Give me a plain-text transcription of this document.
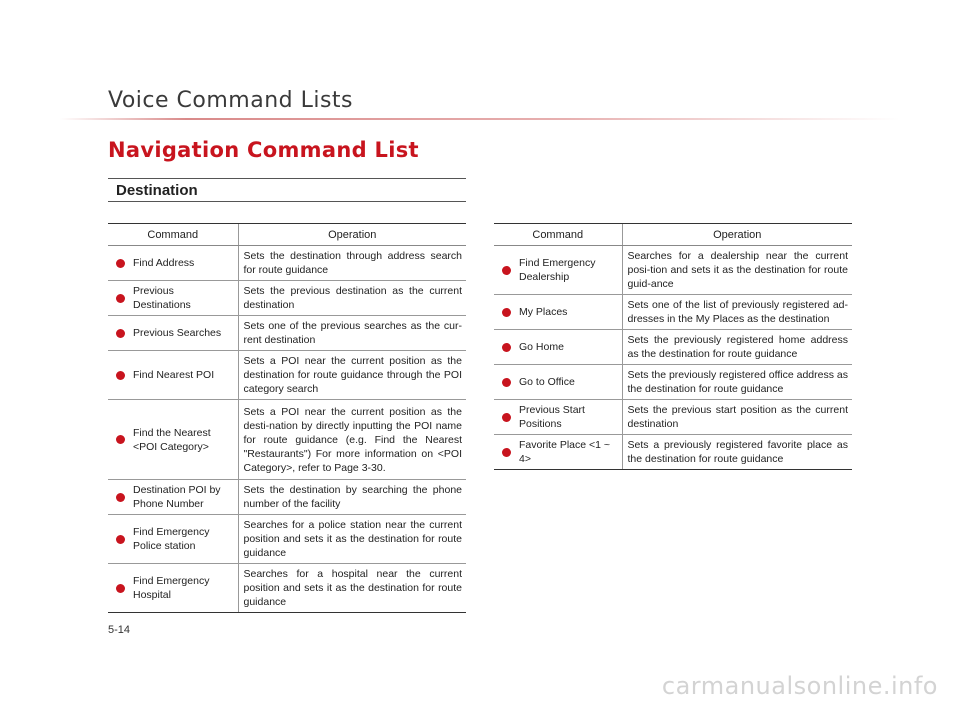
Voice Command Lists
Navigation Command List
Destination
Command	Operation

Find Address	Sets the destination through address search for route guidance

Previous Destinations	Sets the previous destination as the current destination

Previous Searches	Sets one of the previous searches as the cur-rent destination

Find Nearest POI	Sets a POI near the current position as the destination for route guidance through the POI category search

Find the Nearest <POI Category>	Sets a POI near the current position as the desti-nation by directly inputting the POI name for route guidance (e.g. Find the Nearest "Restaurants") For more information on <POI Category>, refer to Page 3-30.

Destination POI by Phone Number	Sets the destination by searching the phone number of the facility

Find Emergency Police station	Searches for a police station near the current position and sets it as the destination for route guidance

Find Emergency Hospital	Searches for a hospital near the current position and sets it as the destination for route guidance
Command	Operation

Find Emergency Dealership	Searches for a dealership near the current posi-tion and sets it as the destination for route guid-ance

My Places	Sets one of the list of previously registered ad-dresses in the My Places as the destination

Go Home	Sets the previously registered home address as the destination for route guidance

Go to Office	Sets the previously registered office address as the destination for route guidance

Previous Start Positions	Sets the previous start position as the current destination

Favorite Place <1 ~ 4>	Sets a previously registered favorite place as the destination for route guidance
5-14
carmanualsonline.info
